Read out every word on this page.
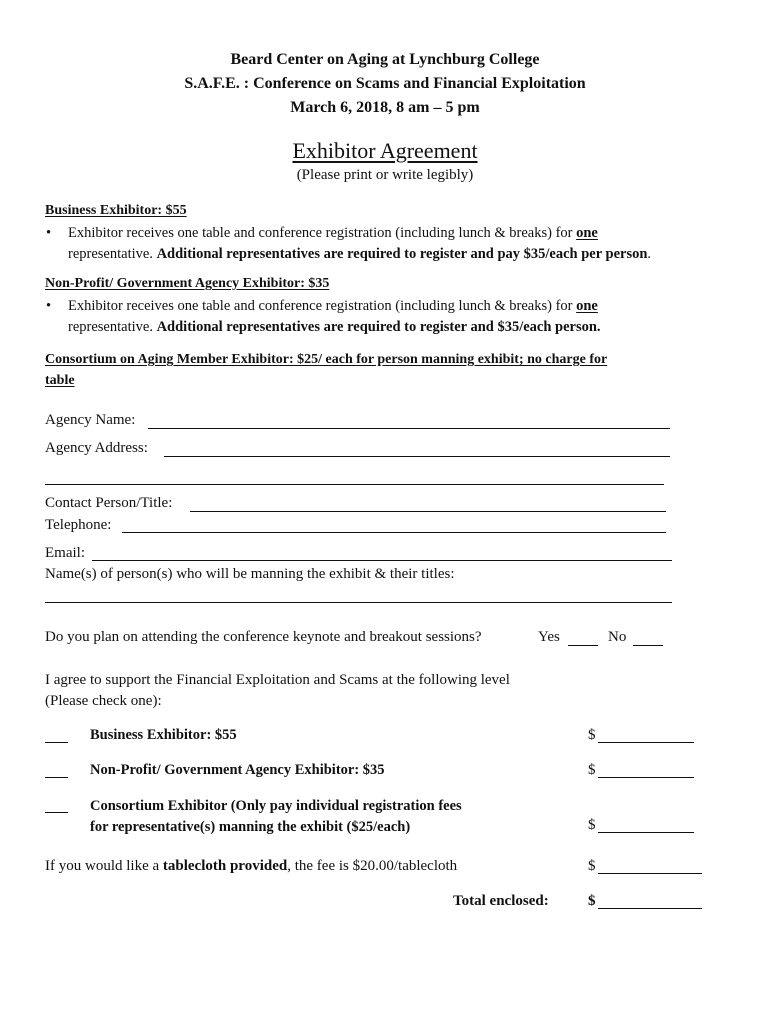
Beard Center on Aging at Lynchburg College
S.A.F.E. : Conference on Scams and Financial Exploitation
March 6, 2018, 8 am – 5 pm
Exhibitor Agreement
(Please print or write legibly)
Business Exhibitor: $55
• Exhibitor receives one table and conference registration (including lunch & breaks) for one
representative. Additional representatives are required to register and pay $35/each per person.
Non-Profit/ Government Agency Exhibitor: $35
• Exhibitor receives one table and conference registration (including lunch & breaks) for one
representative. Additional representatives are required to register and $35/each person.
Consortium on Aging Member Exhibitor: $25/ each for person manning exhibit; no charge for
table
Agency Name:
Agency Address:
Contact Person/Title:
Telephone:
Email:
Name(s) of person(s) who will be manning the exhibit & their titles:
Do you plan on attending the conference keynote and breakout sessions?	Yes	No
I agree to support the Financial Exploitation and Scams at the following level
(Please check one):
Business Exhibitor: $55	$
Non-Profit/ Government Agency Exhibitor: $35	$
Consortium Exhibitor (Only pay individual registration fees
for representative(s) manning the exhibit ($25/each)	$
If you would like a tablecloth provided, the fee is $20.00/tablecloth	$
Total enclosed:	$
